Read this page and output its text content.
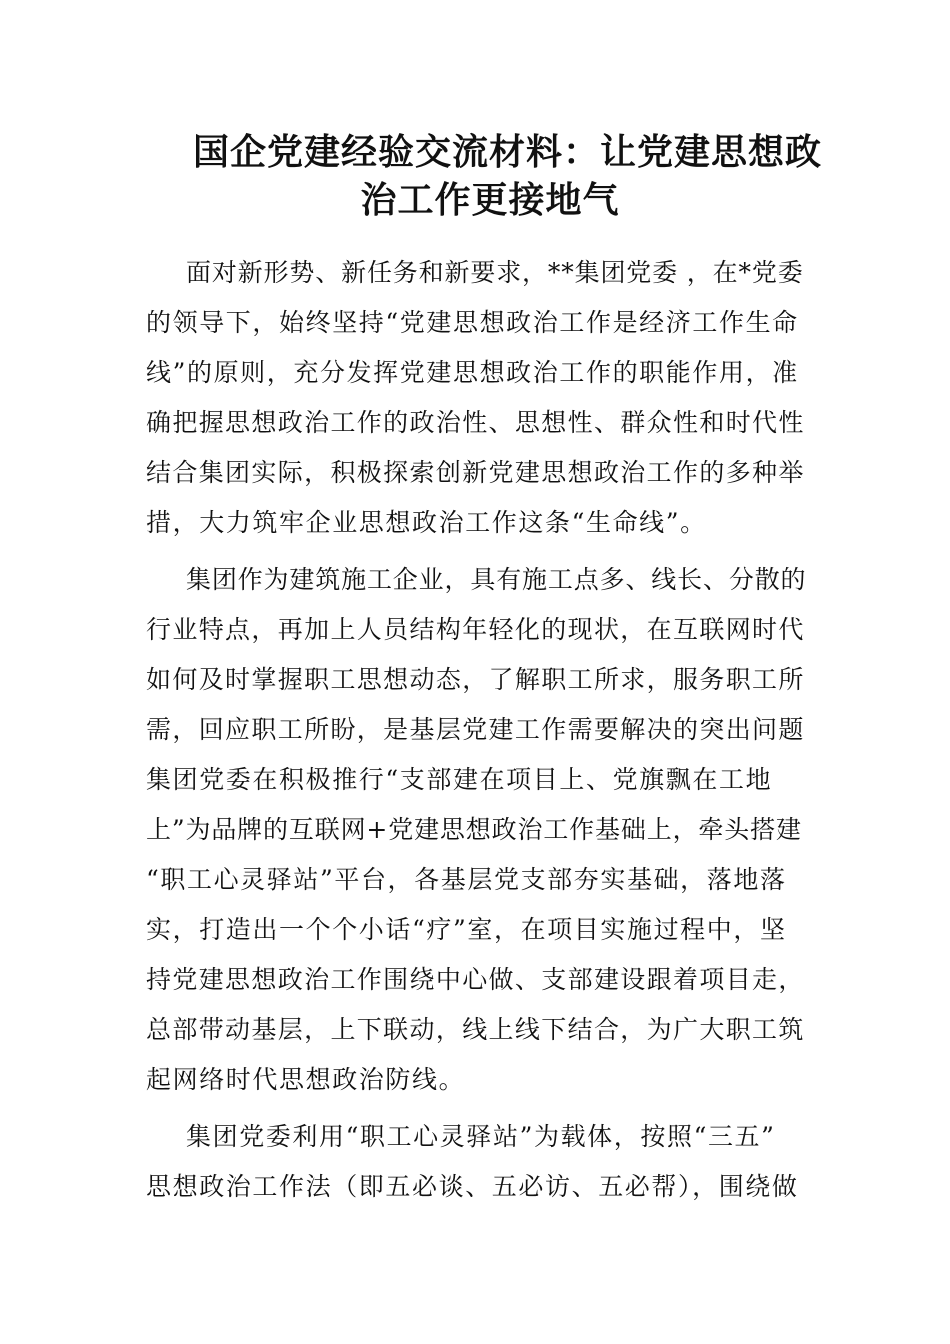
国企党建经验交流材料：让党建思想政
治工作更接地气
面对新形势、新任务和新要求，**集团党委 ，在*党委
的领导下，始终坚持“党建思想政治工作是经济工作生命
线”的原则，充分发挥党建思想政治工作的职能作用，准
确把握思想政治工作的政治性、思想性、群众性和时代性
结合集团实际，积极探索创新党建思想政治工作的多种举
措，大力筑牢企业思想政治工作这条“生命线”。
集团作为建筑施工企业，具有施工点多、线长、分散的
行业特点，再加上人员结构年轻化的现状，在互联网时代
如何及时掌握职工思想动态，了解职工所求，服务职工所
需，回应职工所盼，是基层党建工作需要解决的突出问题
集团党委在积极推行“支部建在项目上、党旗飘在工地
上”为品牌的互联网+党建思想政治工作基础上，牵头搭建
“职工心灵驿站”平台，各基层党支部夯实基础，落地落
实，打造出一个个小话“疗”室，在项目实施过程中，坚
持党建思想政治工作围绕中心做、支部建设跟着项目走，
总部带动基层，上下联动，线上线下结合，为广大职工筑
起网络时代思想政治防线。
集团党委利用“职工心灵驿站”为载体，按照“三五”
思想政治工作法（即五必谈、五必访、五必帮），围绕做
